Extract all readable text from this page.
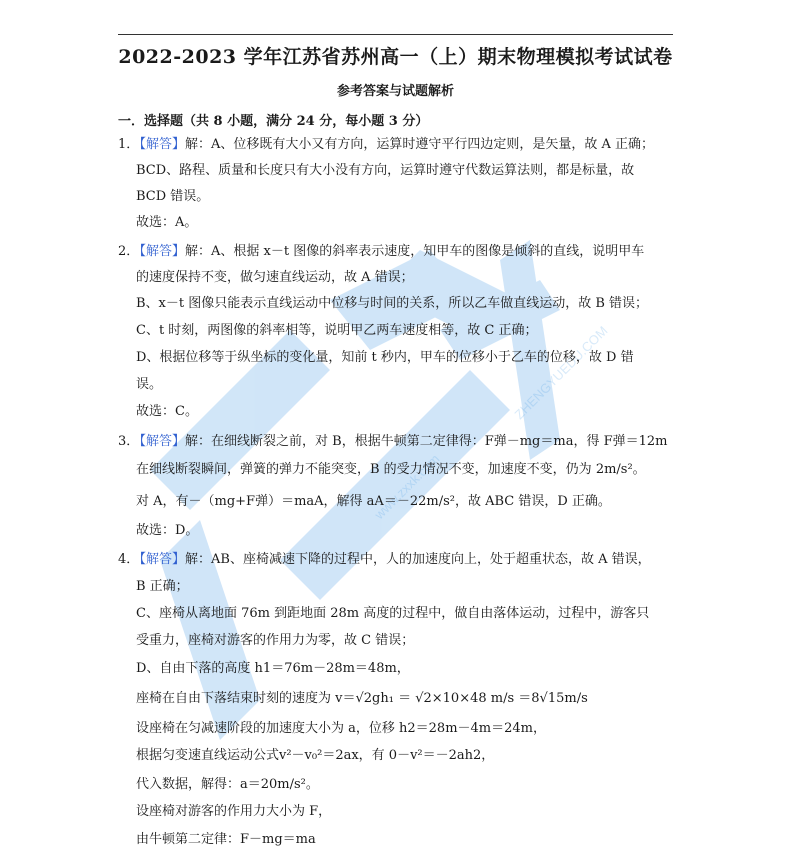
ZHENGYUEDU.COM
www.zxxk.com
2022-2023 学年江苏省苏州高一（上）期末物理模拟考试试卷
参考答案与试题解析
一．选择题（共 8 小题，满分 24 分，每小题 3 分）
1．
【解答】解：A、位移既有大小又有方向，运算时遵守平行四边定则，是矢量，故 A 正确；
BCD、路程、质量和长度只有大小没有方向，运算时遵守代数运算法则，都是标量，故
BCD 错误。
故选：A。
2．
【解答】解：A、根据 x－t 图像的斜率表示速度，知甲车的图像是倾斜的直线，说明甲车
的速度保持不变，做匀速直线运动，故 A 错误；
B、x－t 图像只能表示直线运动中位移与时间的关系，所以乙车做直线运动，故 B 错误；
C、t 时刻，两图像的斜率相等，说明甲乙两车速度相等，故 C 正确；
D、根据位移等于纵坐标的变化量，知前 t 秒内，甲车的位移小于乙车的位移，故 D 错
误。
故选：C。
3．
【解答】解：在细线断裂之前，对 B，根据牛顿第二定律得：F弹－mg＝ma，得 F弹＝12m
在细线断裂瞬间，弹簧的弹力不能突变，B 的受力情况不变，加速度不变，仍为 2m/s²。
对 A，有－（mg+F弹）＝maA，解得 aA＝－22m/s²，故 ABC 错误，D 正确。
故选：D。
4．
【解答】解：AB、座椅减速下降的过程中，人的加速度向上，处于超重状态，故 A 错误，
B 正确；
C、座椅从离地面 76m 到距地面 28m 高度的过程中，做自由落体运动，过程中，游客只
受重力，座椅对游客的作用力为零，故 C 错误；
D、自由下落的高度 h1＝76m－28m＝48m，
座椅在自由下落结束时刻的速度为 v＝√2gh₁ ＝ √2×10×48 m/s ＝8√15m/s
设座椅在匀减速阶段的加速度大小为 a，位移 h2＝28m－4m＝24m，
根据匀变速直线运动公式v²－v₀²＝2ax，有 0－v²＝－2ah2，
代入数据，解得：a＝20m/s²。
设座椅对游客的作用力大小为 F，
由牛顿第二定律：F－mg＝ma
